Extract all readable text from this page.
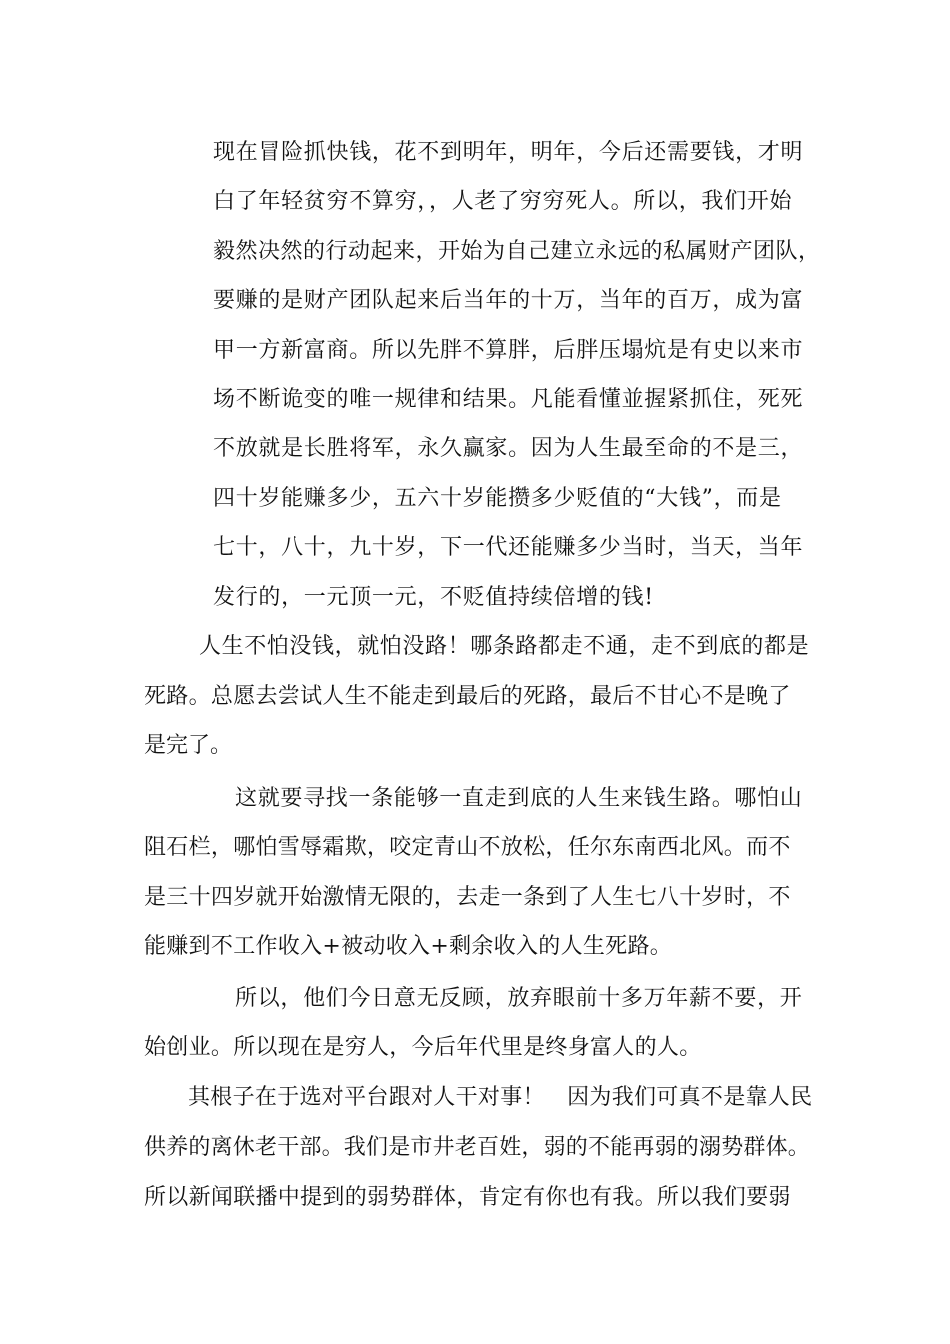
现在冒险抓快钱，花不到明年，明年，今后还需要钱，才明
白了年轻贫穷不算穷，，人老了穷穷死人。所以，我们开始
毅然决然的行动起来，开始为自己建立永远的私属财产团队，
要赚的是财产团队起来后当年的十万，当年的百万，成为富
甲一方新富商。所以先胖不算胖，后胖压塌炕是有史以来市
场不断诡变的唯一规律和结果。凡能看懂並握紧抓住，死死
不放就是长胜将军，永久赢家。因为人生最至命的不是三，
四十岁能赚多少，五六十岁能攒多少贬值的“大钱”，而是
七十，八十，九十岁，下一代还能赚多少当时，当天，当年
发行的，一元顶一元，不贬值持续倍增的钱!
人生不怕没钱，就怕没路！哪条路都走不通，走不到底的都是
死路。总愿去尝试人生不能走到最后的死路，最后不甘心不是晚了
是完了。
这就要寻找一条能够一直走到底的人生来钱生路。哪怕山
阻石栏，哪怕雪辱霜欺，咬定青山不放松，任尔东南西北风。而不
是三十四岁就开始激情无限的，去走一条到了人生七八十岁时，不
能赚到不工作收入+被动收入+剩余收入的人生死路。
所以，他们今日意无反顾，放弃眼前十多万年薪不要，开
始创业。所以现在是穷人，今后年代里是终身富人的人。
其根子在于选对平台跟对人干对事！　因为我们可真不是靠人民
供养的离休老干部。我们是市井老百姓，弱的不能再弱的溺势群体。
所以新闻联播中提到的弱势群体，肯定有你也有我。所以我们要弱
